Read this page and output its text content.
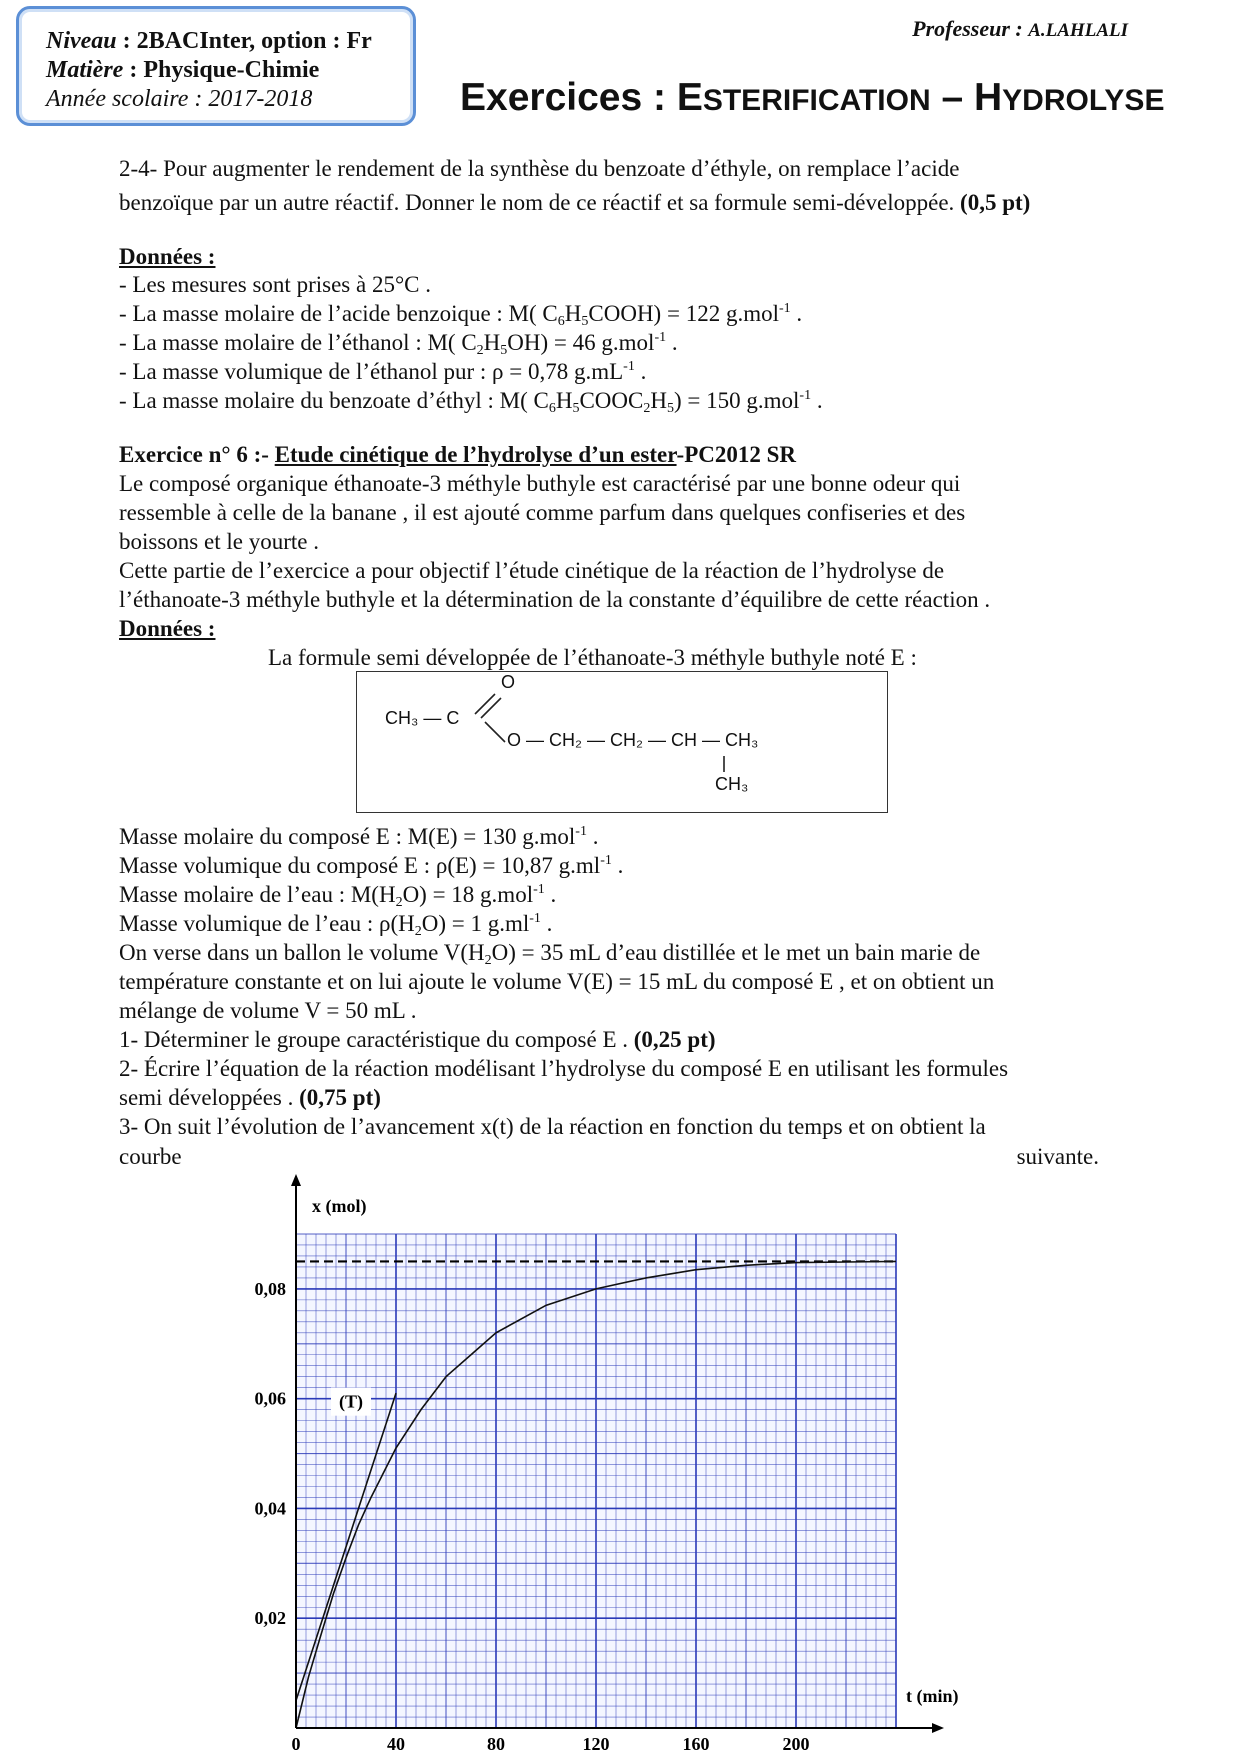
Niveau : 2BACInter, option : Fr
Matière : Physique-Chimie
Année scolaire : 2017-2018
Professeur : A.LAHLALI
Exercices : ESTERIFICATION – HYDROLYSE
2-4- Pour augmenter le rendement de la synthèse du benzoate d’éthyle, on remplace l’acide
benzoïque par un autre réactif. Donner le nom de ce réactif et sa formule semi-développée. (0,5 pt)
Données :
- Les mesures sont prises à 25°C .
- La masse molaire de l’acide benzoique : M( $C_6H_5COOH) = 122$ g.mol$^{-1}$ .
- La masse molaire de l’éthanol : M( $C_2H_5OH) = 46$ g.mol$^{-1}$ .
- La masse volumique de l’éthanol pur : ρ = 0,78 $g.mL^{-1}$ .
- La masse molaire du benzoate d’éthyl : M( $C_6H_5COOC_2H_5) = 150$ g.mol$^{-1}$ .
Exercice n° 6 :- Etude cinétique de l’hydrolyse d’un ester-PC2012 SR
Le composé organique éthanoate-3 méthyle buthyle est caractérisé par une bonne odeur qui
ressemble à celle de la banane , il est ajouté comme parfum dans quelques confiseries et des
boissons et le yourte .
Cette partie de l’exercice a pour objectif l’étude cinétique de la réaction de l’hydrolyse de
l’éthanoate-3 méthyle buthyle et la détermination de la constante d’équilibre de cette réaction .
Données :
La formule semi développée de l’éthanoate-3 méthyle buthyle noté E :
CH₃ — C
O
O — CH₂ — CH₂ — CH — CH₃
CH₃
Masse molaire du composé E : M(E) = 130 g.mol$^{-1}$ .
Masse volumique du composé E : ρ(E) = 10,87 $g.ml^{-1}$ .
Masse molaire de l’eau : $M(H_2O) = 18$ g.mol$^{-1}$ .
Masse volumique de l’eau : $\rho(H_2O) = 1$ $g.ml^{-1}$ .
On verse dans un ballon le volume $V(H_2O) = 35$ mL d’eau distillée et le met un bain marie de
température constante et on lui ajoute le volume V(E) = 15 mL du composé E , et on obtient un
mélange de volume V = 50 mL .
1- Déterminer le groupe caractéristique du composé E . (0,25 pt)
2- Écrire l’équation de la réaction modélisant l’hydrolyse du composé E en utilisant les formules
semi développées . (0,75 pt)
3- On suit l’évolution de l’avancement x(t) de la réaction en fonction du temps et on obtient la
courbe	suivante.
(T)
x (mol)
t (min)
0	40	80	120	160	200
0,02
0,04
0,06
0,08
